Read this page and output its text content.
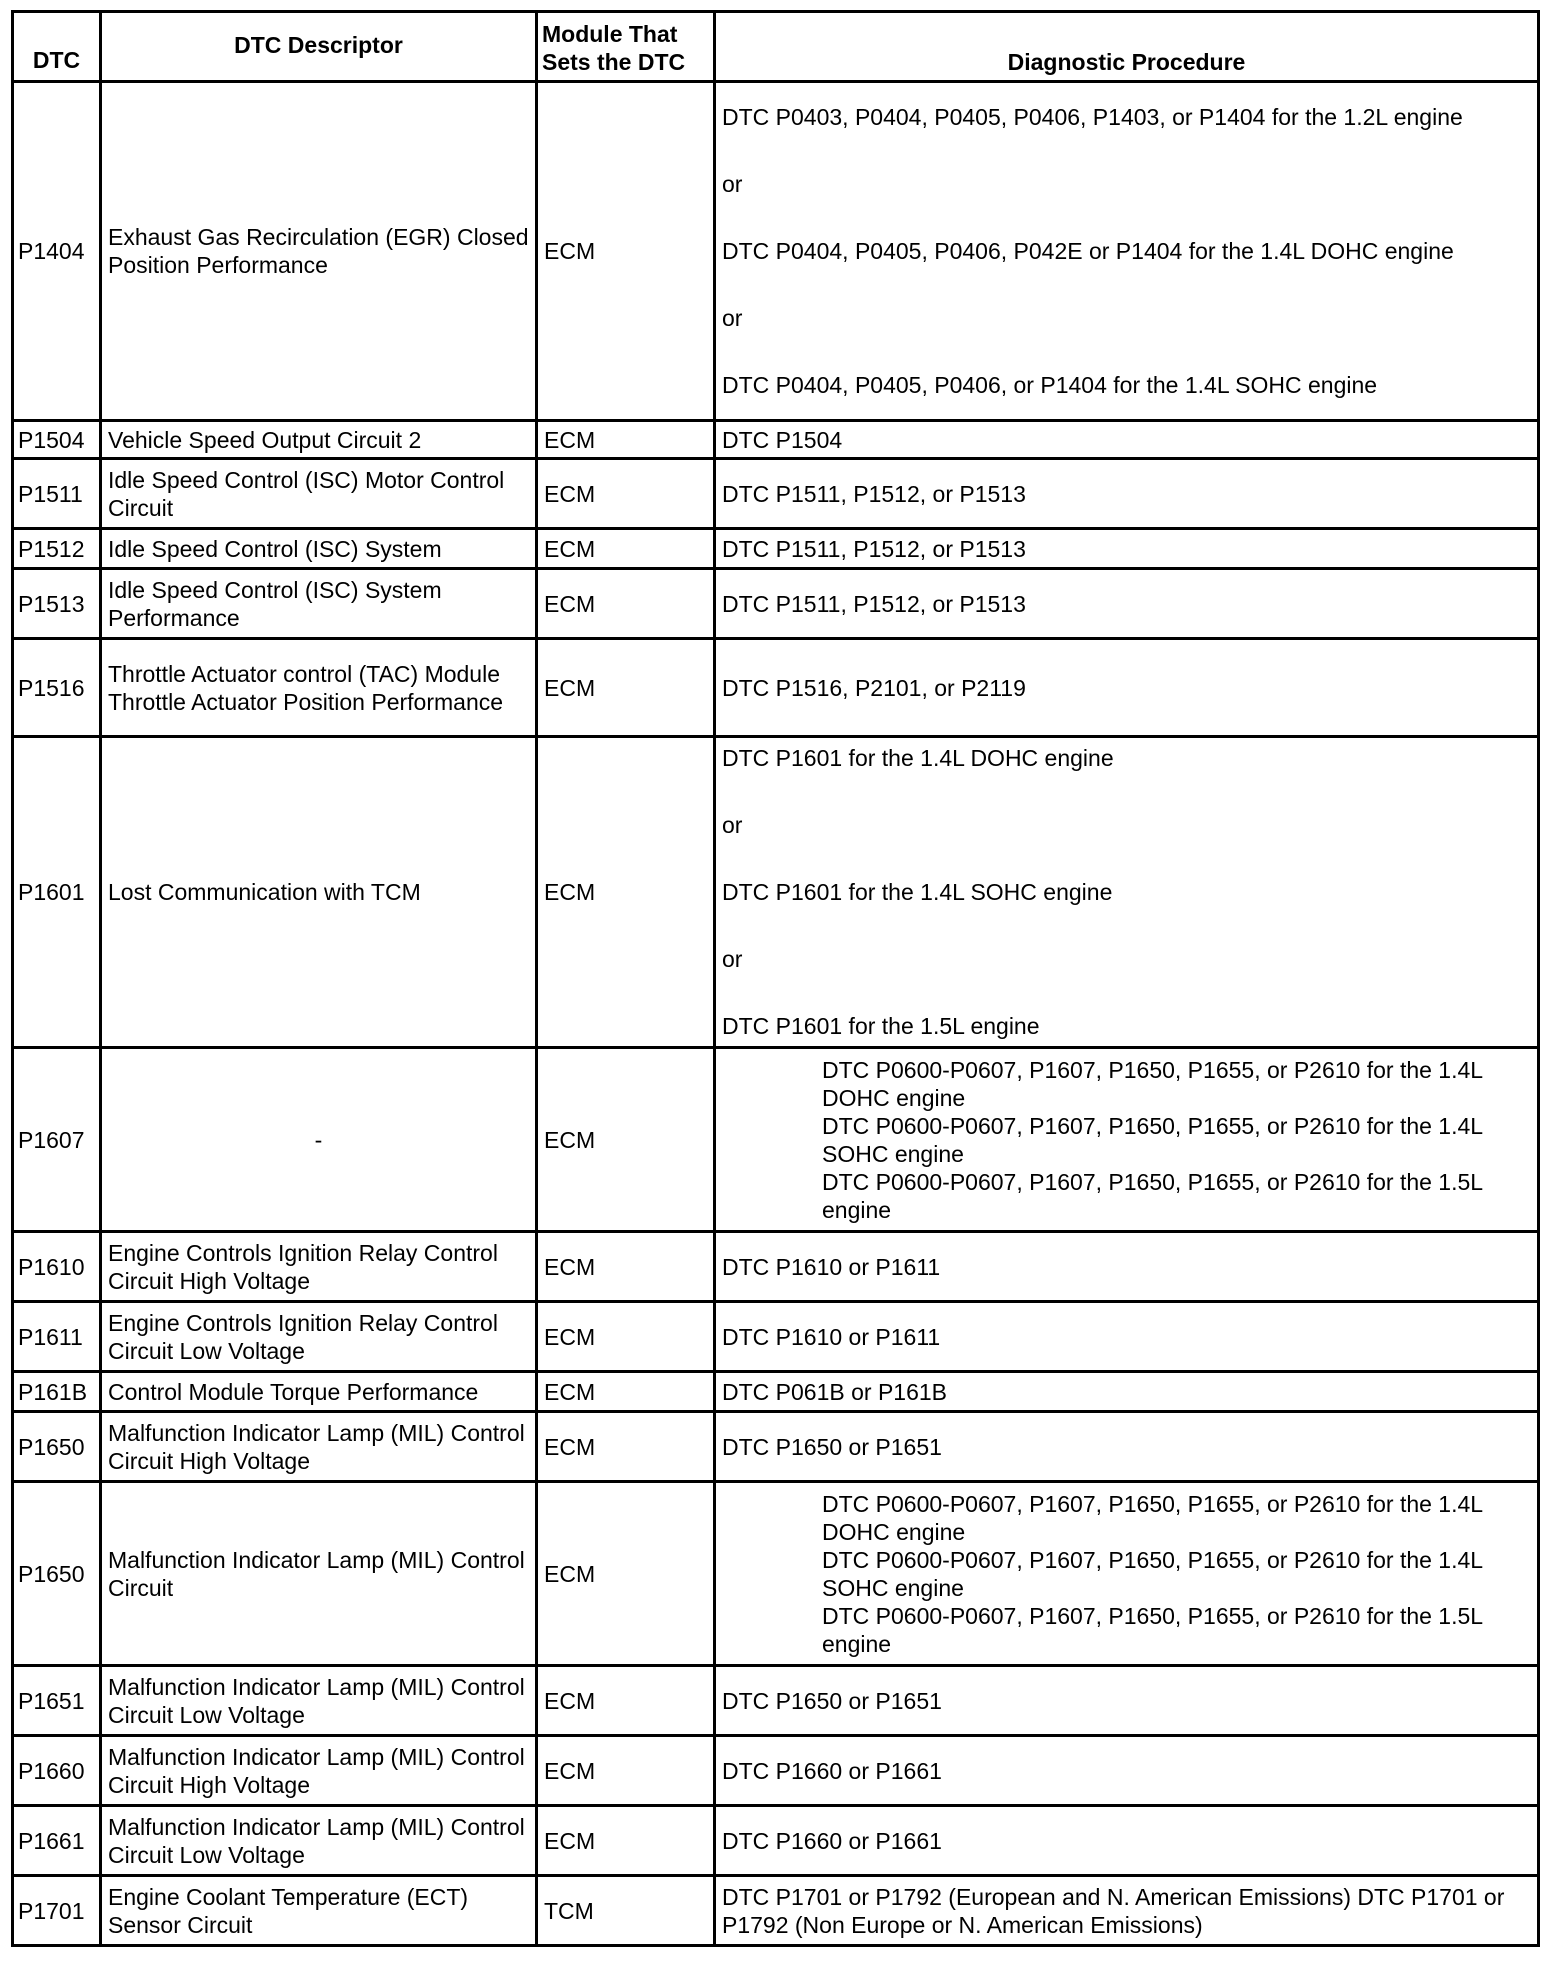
DTC	DTC Descriptor	Module That Sets the DTC	Diagnostic Procedure
P1404	Exhaust Gas Recirculation (EGR) Closed Position Performance	ECM	DTC P0403, P0404, P0405, P0406, P1403, or P1404 for the 1.2L engine

or

DTC P0404, P0405, P0406, P042E or P1404 for the 1.4L DOHC engine

or

DTC P0404, P0405, P0406, or P1404 for the 1.4L SOHC engine

P1504	Vehicle Speed Output Circuit 2	ECM	DTC P1504

P1511	Idle Speed Control (ISC) Motor Control Circuit	ECM	DTC P1511, P1512, or P1513

P1512	Idle Speed Control (ISC) System	ECM	DTC P1511, P1512, or P1513

P1513	Idle Speed Control (ISC) System Performance	ECM	DTC P1511, P1512, or P1513

P1516	Throttle Actuator control (TAC) Module Throttle Actuator Position Performance	ECM	DTC P1516, P2101, or P2119

P1601	Lost Communication with TCM	ECM	DTC P1601 for the 1.4L DOHC engine

or

DTC P1601 for the 1.4L SOHC engine

or

DTC P1601 for the 1.5L engine

P1607	-	ECM	DTC P0600-P0607, P1607, P1650, P1655, or P2610 for the 1.4L DOHC engine

DTC P0600-P0607, P1607, P1650, P1655, or P2610 for the 1.4L SOHC engine

DTC P0600-P0607, P1607, P1650, P1655, or P2610 for the 1.5L engine

P1610	Engine Controls Ignition Relay Control Circuit High Voltage	ECM	DTC P1610 or P1611

P1611	Engine Controls Ignition Relay Control Circuit Low Voltage	ECM	DTC P1610 or P1611

P161B	Control Module Torque Performance	ECM	DTC P061B or P161B

P1650	Malfunction Indicator Lamp (MIL) Control Circuit High Voltage	ECM	DTC P1650 or P1651

P1650	Malfunction Indicator Lamp (MIL) Control Circuit	ECM	DTC P0600-P0607, P1607, P1650, P1655, or P2610 for the 1.4L DOHC engine

DTC P0600-P0607, P1607, P1650, P1655, or P2610 for the 1.4L SOHC engine

DTC P0600-P0607, P1607, P1650, P1655, or P2610 for the 1.5L engine

P1651	Malfunction Indicator Lamp (MIL) Control Circuit Low Voltage	ECM	DTC P1650 or P1651

P1660	Malfunction Indicator Lamp (MIL) Control Circuit High Voltage	ECM	DTC P1660 or P1661

P1661	Malfunction Indicator Lamp (MIL) Control Circuit Low Voltage	ECM	DTC P1660 or P1661

P1701	Engine Coolant Temperature (ECT) Sensor Circuit	TCM	DTC P1701 or P1792 (European and N. American Emissions) DTC P1701 or P1792 (Non Europe or N. American Emissions)
